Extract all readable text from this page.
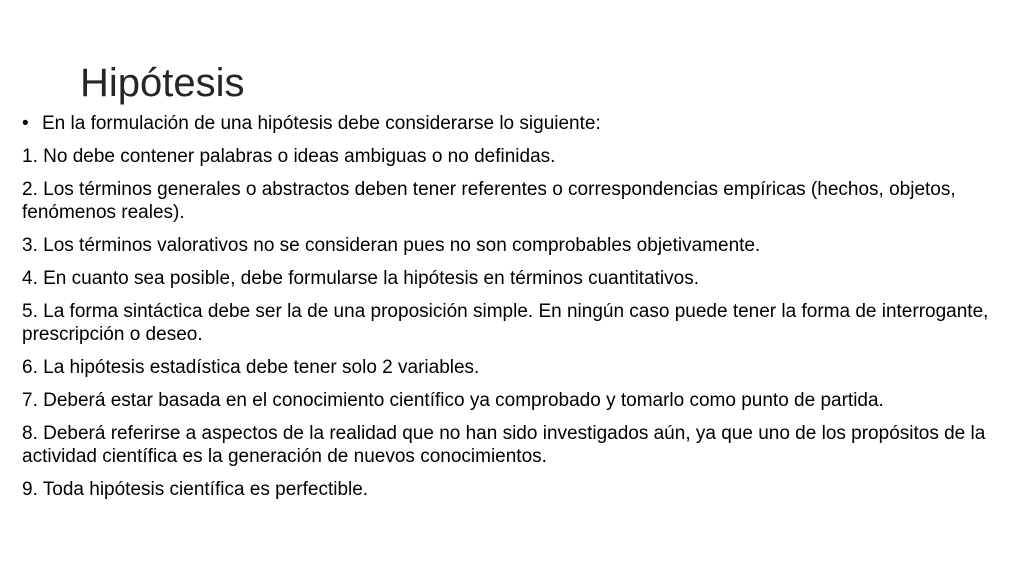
Hipótesis
• En la formulación de una hipótesis debe considerarse lo siguiente:
1. No debe contener palabras o ideas ambiguas o no definidas.
2. Los términos generales o abstractos deben tener referentes o correspondencias empíricas (hechos, objetos, fenómenos reales).
3. Los términos valorativos no se consideran pues no son comprobables objetivamente.
4. En cuanto sea posible, debe formularse la hipótesis en términos cuantitativos.
5. La forma sintáctica debe ser la de una proposición simple. En ningún caso puede tener la forma de interrogante, prescripción o deseo.
6. La hipótesis estadística debe tener solo 2 variables.
7. Deberá estar basada en el conocimiento científico ya comprobado y tomarlo como punto de partida.
8. Deberá referirse a aspectos de la realidad que no han sido investigados aún, ya que uno de los propósitos de la actividad científica es la generación de nuevos conocimientos.
9. Toda hipótesis científica es perfectible.
